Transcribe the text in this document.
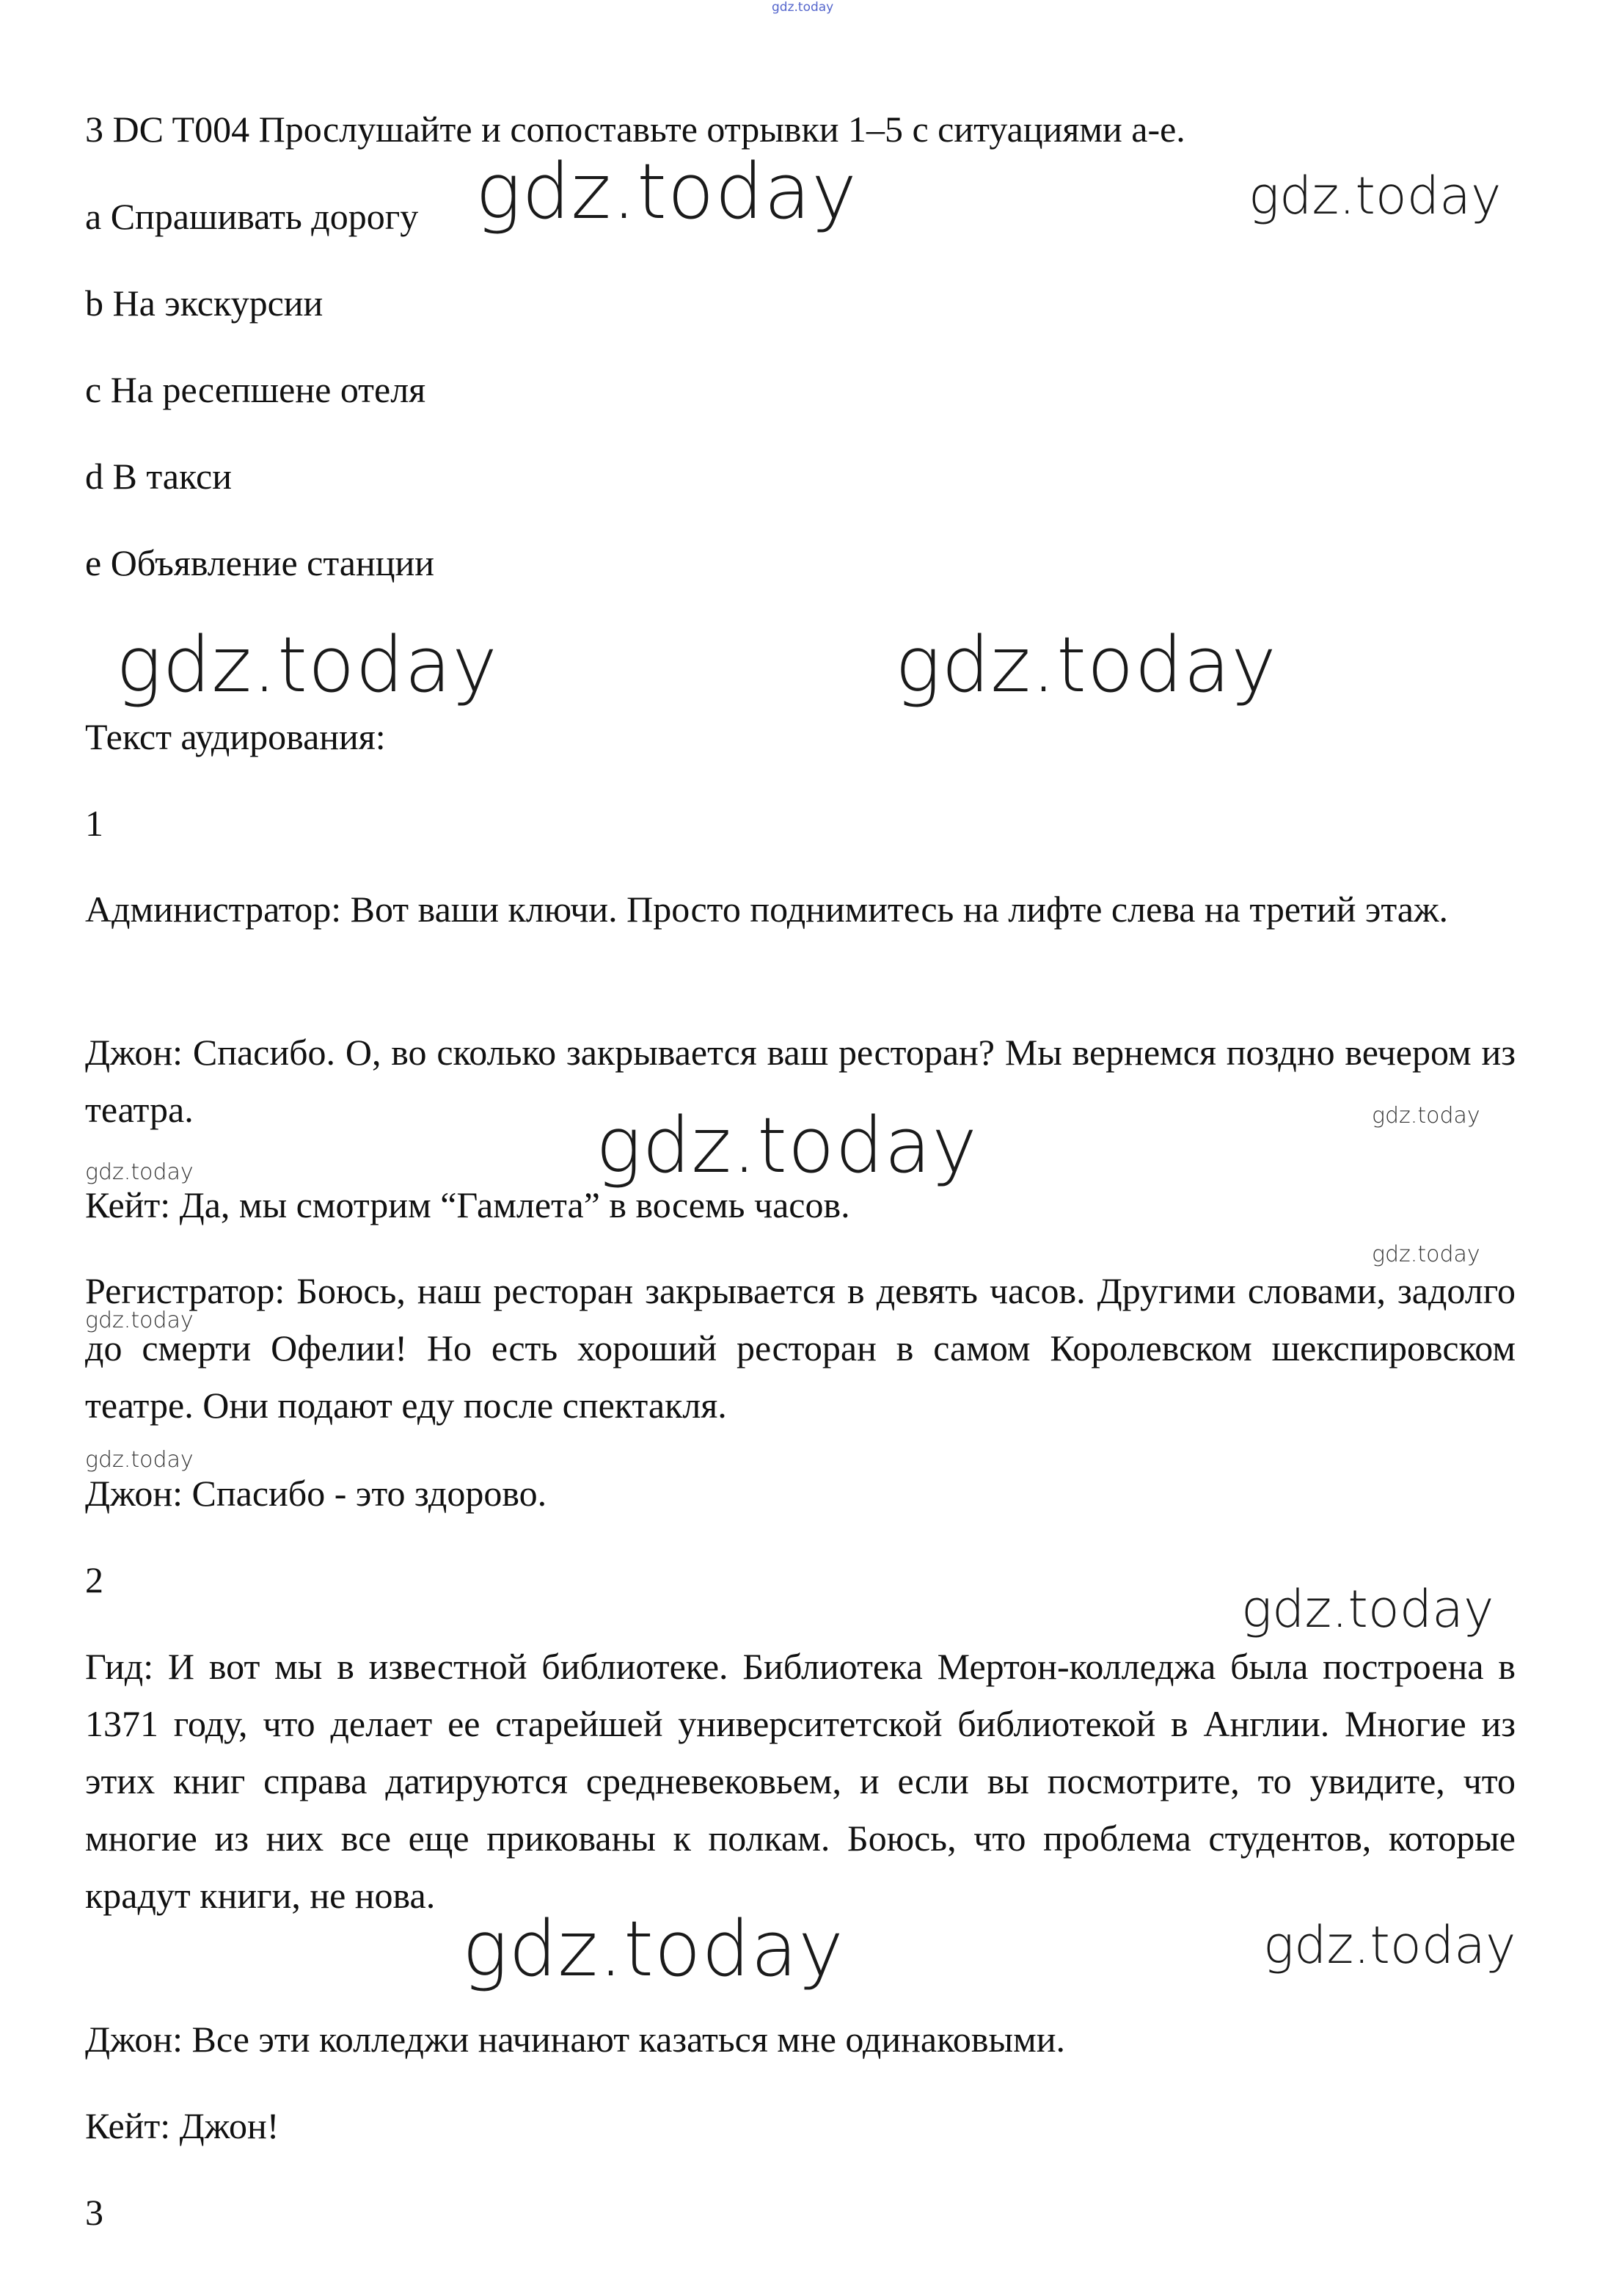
gdz.today
3 DC T004 Прослушайте и сопоставьте отрывки 1–5 с ситуациями a-e.
a Спрашивать дорогу
b На экскурсии
c На ресепшене отеля
d В такси
e Объявление станции
Текст аудирования:
1
Администратор: Вот ваши ключи. Просто поднимитесь на лифте слева на третий этаж.
Джон: Спасибо. О, во сколько закрывается ваш ресторан? Мы вернемся поздно вечером из театра.
Кейт: Да, мы смотрим “Гамлета” в восемь часов.
Регистратор: Боюсь, наш ресторан закрывается в девять часов. Другими словами, задолго до смерти Офелии! Но есть хороший ресторан в самом Королевском шекспировском театре. Они подают еду после спектакля.
Джон: Спасибо - это здорово.
2
Гид: И вот мы в известной библиотеке. Библиотека Мертон-колледжа была построена в 1371 году, что делает ее старейшей университетской библиотекой в Англии. Многие из этих книг справа датируются средневековьем, и если вы посмотрите, то увидите, что многие из них все еще прикованы к полкам. Боюсь, что проблема студентов, которые крадут книги, не нова.
Джон: Все эти колледжи начинают казаться мне одинаковыми.
Кейт: Джон!
3
gdz.today	gdz.today
gdz.today	gdz.today
gdz.today	gdz.today
gdz.today
gdz.today
gdz.today
gdz.today
gdz.today
gdz.today	gdz.today
